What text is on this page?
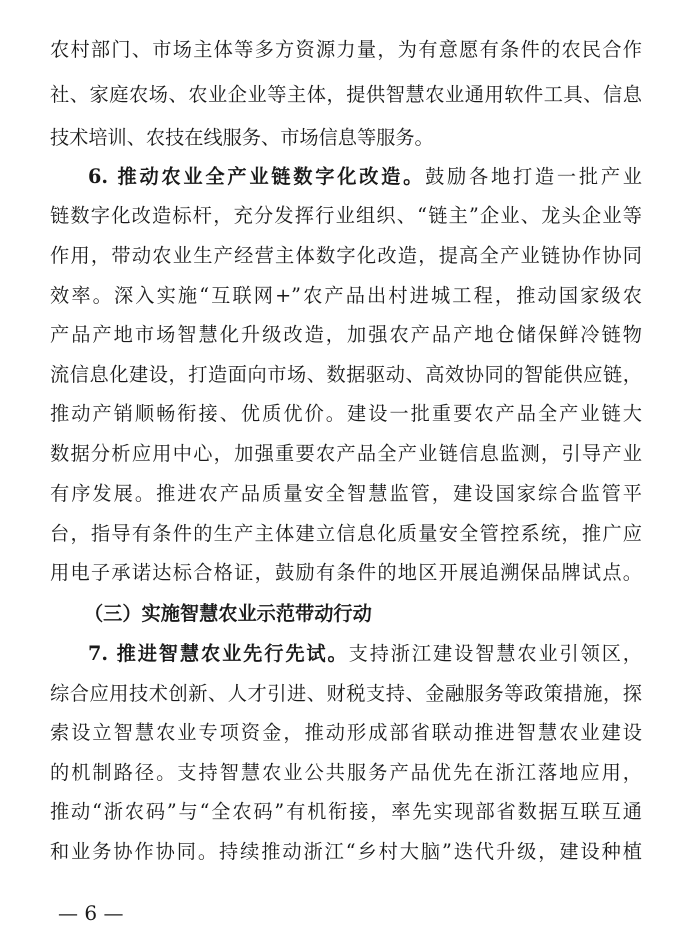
农村部门、市场主体等多方资源力量，为有意愿有条件的农民合作
社、家庭农场、农业企业等主体，提供智慧农业通用软件工具、信息
技术培训、农技在线服务、市场信息等服务。
6. 推动农业全产业链数字化改造。鼓励各地打造一批产业
链数字化改造标杆，充分发挥行业组织、“链主”企业、龙头企业等
作用，带动农业生产经营主体数字化改造，提高全产业链协作协同
效率。深入实施“互联网+”农产品出村进城工程，推动国家级农
产品产地市场智慧化升级改造，加强农产品产地仓储保鲜冷链物
流信息化建设，打造面向市场、数据驱动、高效协同的智能供应链，
推动产销顺畅衔接、优质优价。建设一批重要农产品全产业链大
数据分析应用中心，加强重要农产品全产业链信息监测，引导产业
有序发展。推进农产品质量安全智慧监管，建设国家综合监管平
台，指导有条件的生产主体建立信息化质量安全管控系统，推广应
用电子承诺达标合格证，鼓励有条件的地区开展追溯保品牌试点。
（三）实施智慧农业示范带动行动
7. 推进智慧农业先行先试。支持浙江建设智慧农业引领区，
综合应用技术创新、人才引进、财税支持、金融服务等政策措施，探
索设立智慧农业专项资金，推动形成部省联动推进智慧农业建设
的机制路径。支持智慧农业公共服务产品优先在浙江落地应用，
推动“浙农码”与“全农码”有机衔接，率先实现部省数据互联互通
和业务协作协同。持续推动浙江“乡村大脑”迭代升级，建设种植
— 6 —
